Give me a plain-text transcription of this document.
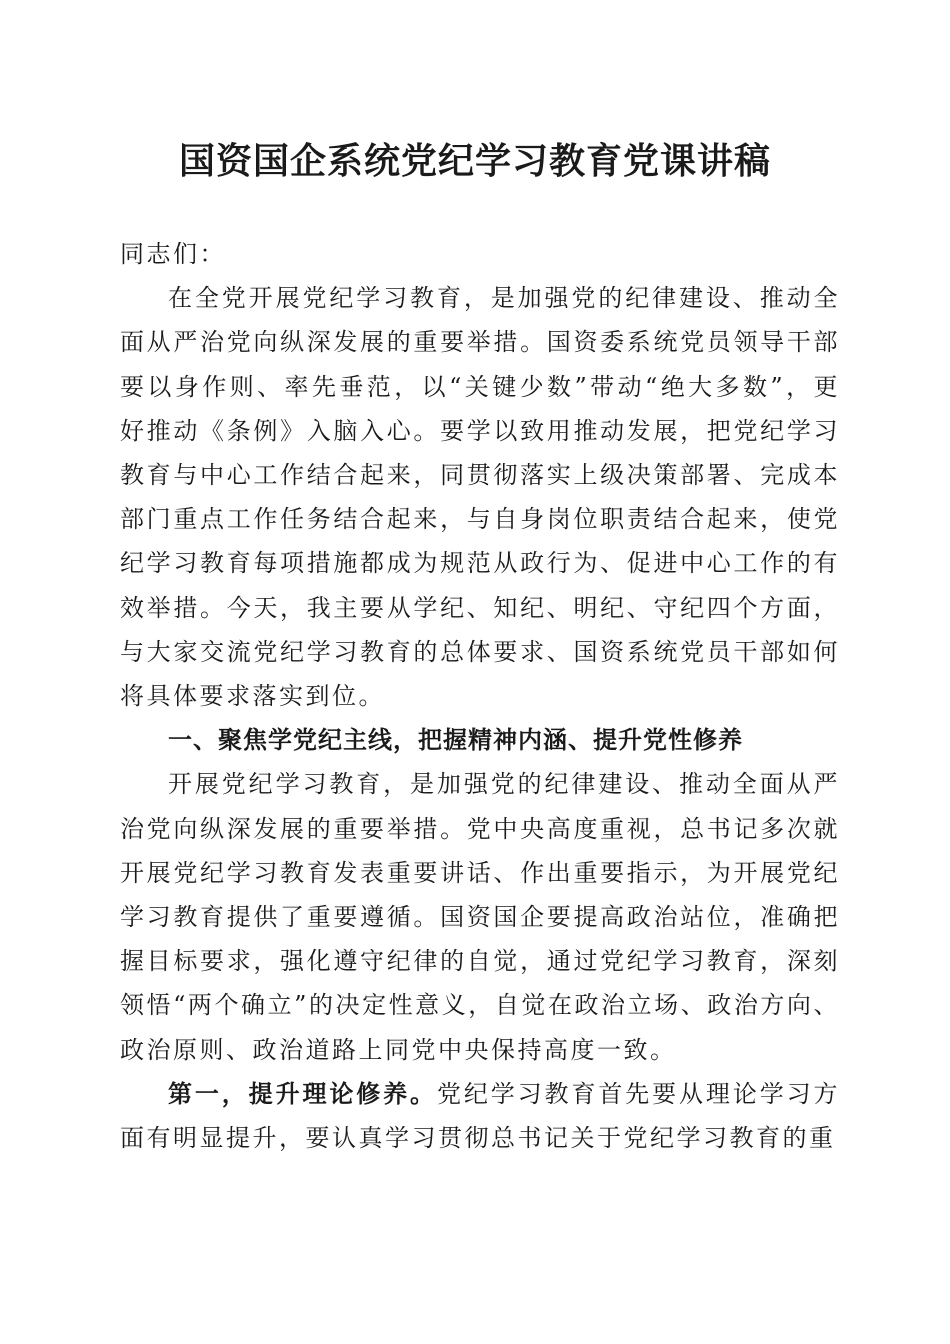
国资国企系统党纪学习教育党课讲稿

同志们：

在全党开展党纪学习教育，是加强党的纪律建设、推动全面从严治党向纵深发展的重要举措。国资委系统党员领导干部要以身作则、率先垂范，以“关键少数”带动“绝大多数”，更好推动《条例》入脑入心。要学以致用推动发展，把党纪学习教育与中心工作结合起来，同贯彻落实上级决策部署、完成本部门重点工作任务结合起来，与自身岗位职责结合起来，使党纪学习教育每项措施都成为规范从政行为、促进中心工作的有效举措。今天，我主要从学纪、知纪、明纪、守纪四个方面，与大家交流党纪学习教育的总体要求、国资系统党员干部如何将具体要求落实到位。

一、聚焦学党纪主线，把握精神内涵、提升党性修养

开展党纪学习教育，是加强党的纪律建设、推动全面从严治党向纵深发展的重要举措。党中央高度重视，总书记多次就开展党纪学习教育发表重要讲话、作出重要指示，为开展党纪学习教育提供了重要遵循。国资国企要提高政治站位，准确把握目标要求，强化遵守纪律的自觉，通过党纪学习教育，深刻领悟“两个确立”的决定性意义，自觉在政治立场、政治方向、政治原则、政治道路上同党中央保持高度一致。

第一，提升理论修养。党纪学习教育首先要从理论学习方面有明显提升，要认真学习贯彻总书记关于党纪学习教育的重
